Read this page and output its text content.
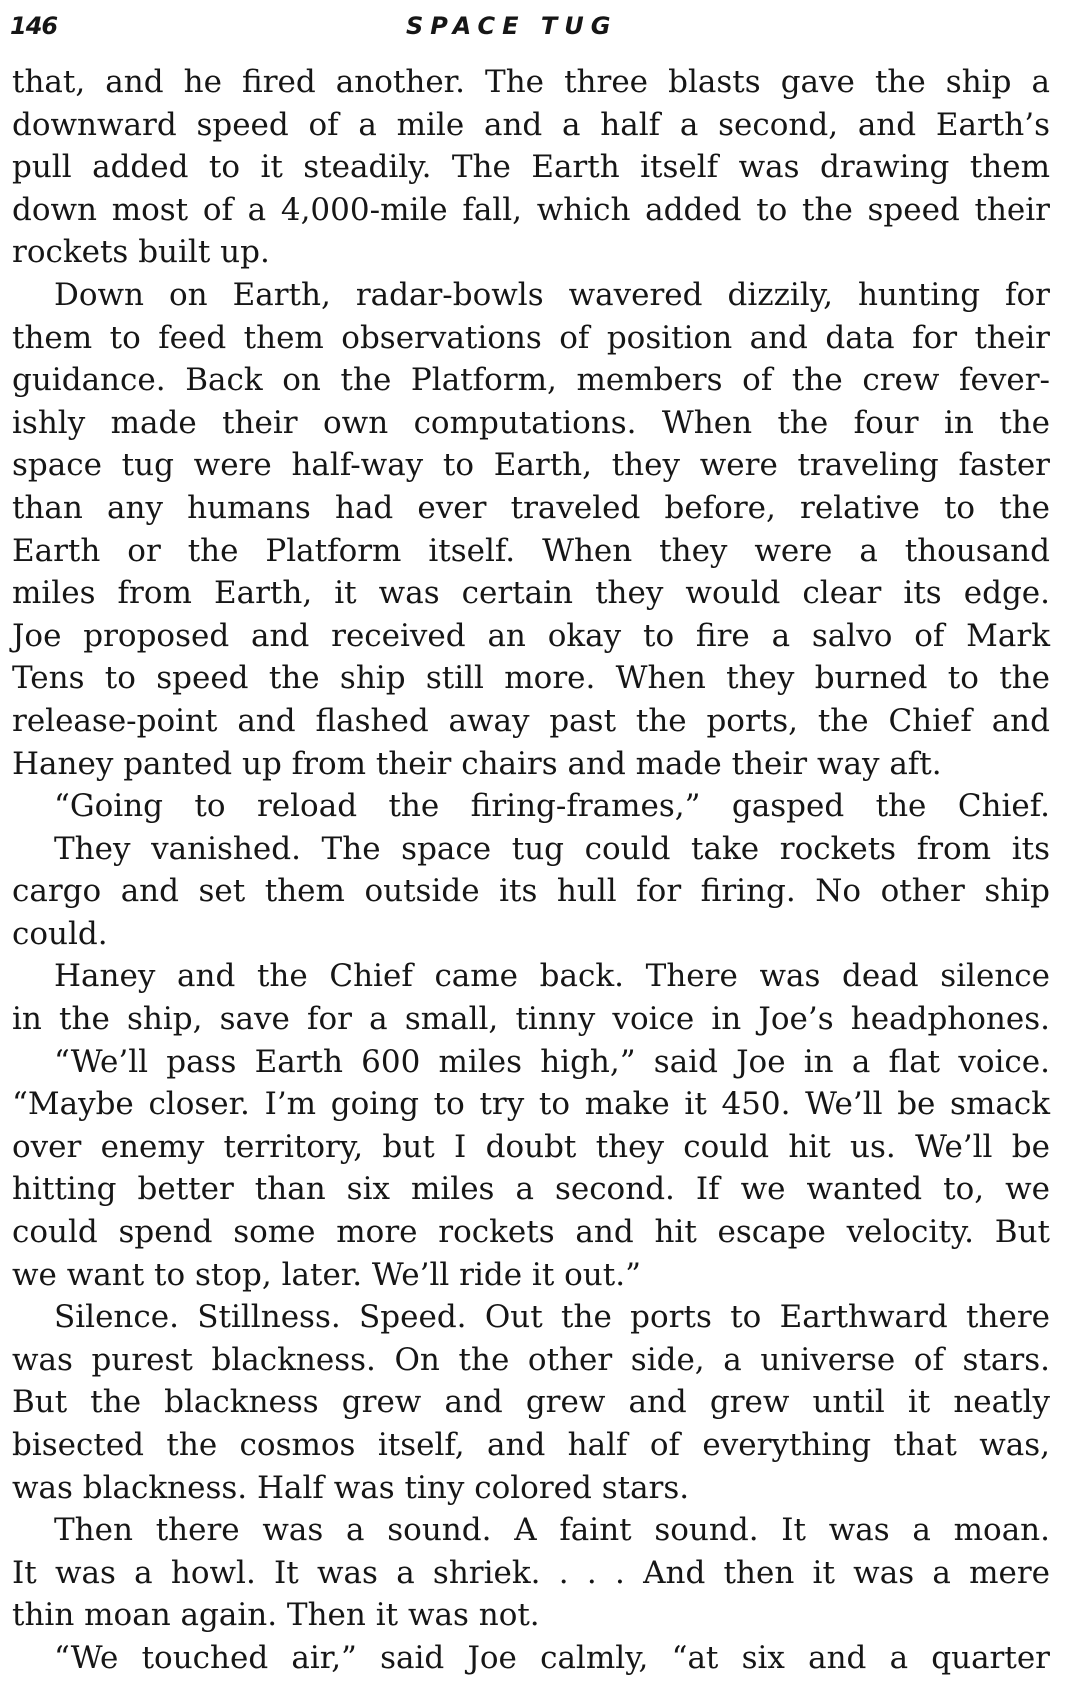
146	SPACE TUG
that, and he fired another. The three blasts gave the ship a
downward speed of a mile and a half a second, and Earth’s
pull added to it steadily. The Earth itself was drawing them
down most of a 4,000-mile fall, which added to the speed their
rockets built up.
Down on Earth, radar-bowls wavered dizzily, hunting for
them to feed them observations of position and data for their
guidance. Back on the Platform, members of the crew fever-
ishly made their own computations. When the four in the
space tug were half-way to Earth, they were traveling faster
than any humans had ever traveled before, relative to the
Earth or the Platform itself. When they were a thousand
miles from Earth, it was certain they would clear its edge.
Joe proposed and received an okay to fire a salvo of Mark
Tens to speed the ship still more. When they burned to the
release-point and flashed away past the ports, the Chief and
Haney panted up from their chairs and made their way aft.
“Going to reload the firing-frames,” gasped the Chief.
They vanished. The space tug could take rockets from its
cargo and set them outside its hull for firing. No other ship
could.
Haney and the Chief came back. There was dead silence
in the ship, save for a small, tinny voice in Joe’s headphones.
“We’ll pass Earth 600 miles high,” said Joe in a flat voice.
“Maybe closer. I’m going to try to make it 450. We’ll be smack
over enemy territory, but I doubt they could hit us. We’ll be
hitting better than six miles a second. If we wanted to, we
could spend some more rockets and hit escape velocity. But
we want to stop, later. We’ll ride it out.”
Silence. Stillness. Speed. Out the ports to Earthward there
was purest blackness. On the other side, a universe of stars.
But the blackness grew and grew and grew until it neatly
bisected the cosmos itself, and half of everything that was,
was blackness. Half was tiny colored stars.
Then there was a sound. A faint sound. It was a moan.
It was a howl. It was a shriek. . . . And then it was a mere
thin moan again. Then it was not.
“We touched air,” said Joe calmly, “at six and a quarter
